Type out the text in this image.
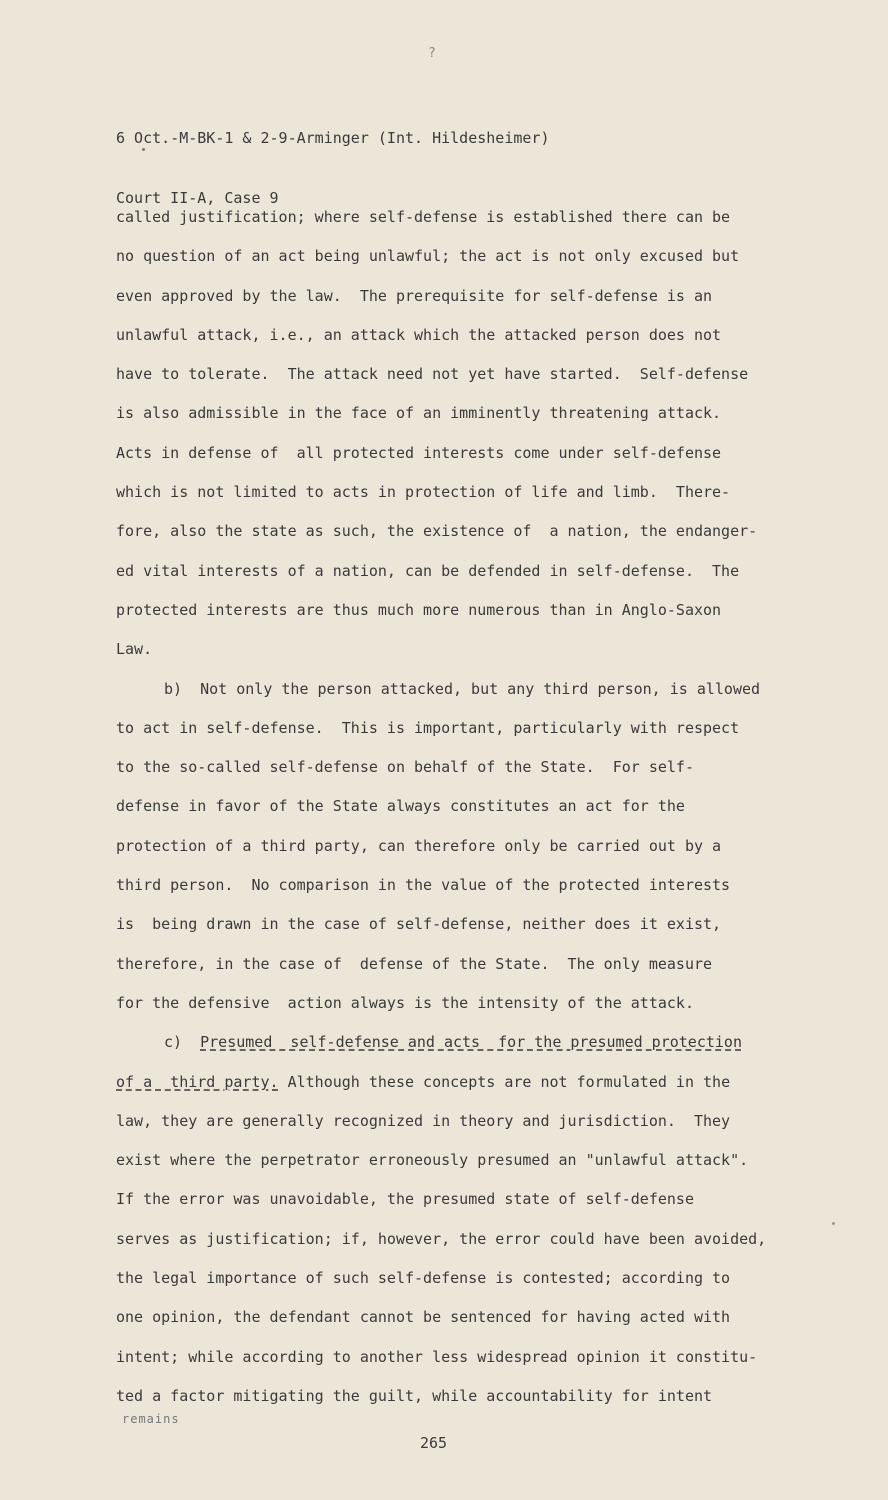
?

6 Oct.-M-BK-1 & 2-9-Arminger (Int. Hildesheimer)

Court II-A, Case 9

called justification; where self-defense is established there can be
no question of an act being unlawful; the act is not only excused but
even approved by the law.  The prerequisite for self-defense is an
unlawful attack, i.e., an attack which the attacked person does not
have to tolerate.  The attack need not yet have started.  Self-defense
is also admissible in the face of an imminently threatening attack.
Acts in defense of  all protected interests come under self-defense
which is not limited to acts in protection of life and limb.  There-
fore, also the state as such, the existence of  a nation, the endanger-
ed vital interests of a nation, can be defended in self-defense.  The
protected interests are thus much more numerous than in Anglo-Saxon
Law.
b)  Not only the person attacked, but any third person, is allowed
to act in self-defense.  This is important, particularly with respect
to the so-called self-defense on behalf of the State.  For self-
defense in favor of the State always constitutes an act for the
protection of a third party, can therefore only be carried out by a
third person.  No comparison in the value of the protected interests
is  being drawn in the case of self-defense, neither does it exist,
therefore, in the case of  defense of the State.  The only measure
for the defensive  action always is the intensity of the attack.
c) Presumed  self-defense and acts  for the presumed protection
of a  third party. Although these concepts are not formulated in the
law, they are generally recognized in theory and jurisdiction.  They
exist where the perpetrator erroneously presumed an "unlawful attack".
If the error was unavoidable, the presumed state of self-defense
serves as justification; if, however, the error could have been avoided,
the legal importance of such self-defense is contested; according to
one opinion, the defendant cannot be sentenced for having acted with
intent; while according to another less widespread opinion it constitu-
ted a factor mitigating the guilt, while accountability for intent
remains
265
